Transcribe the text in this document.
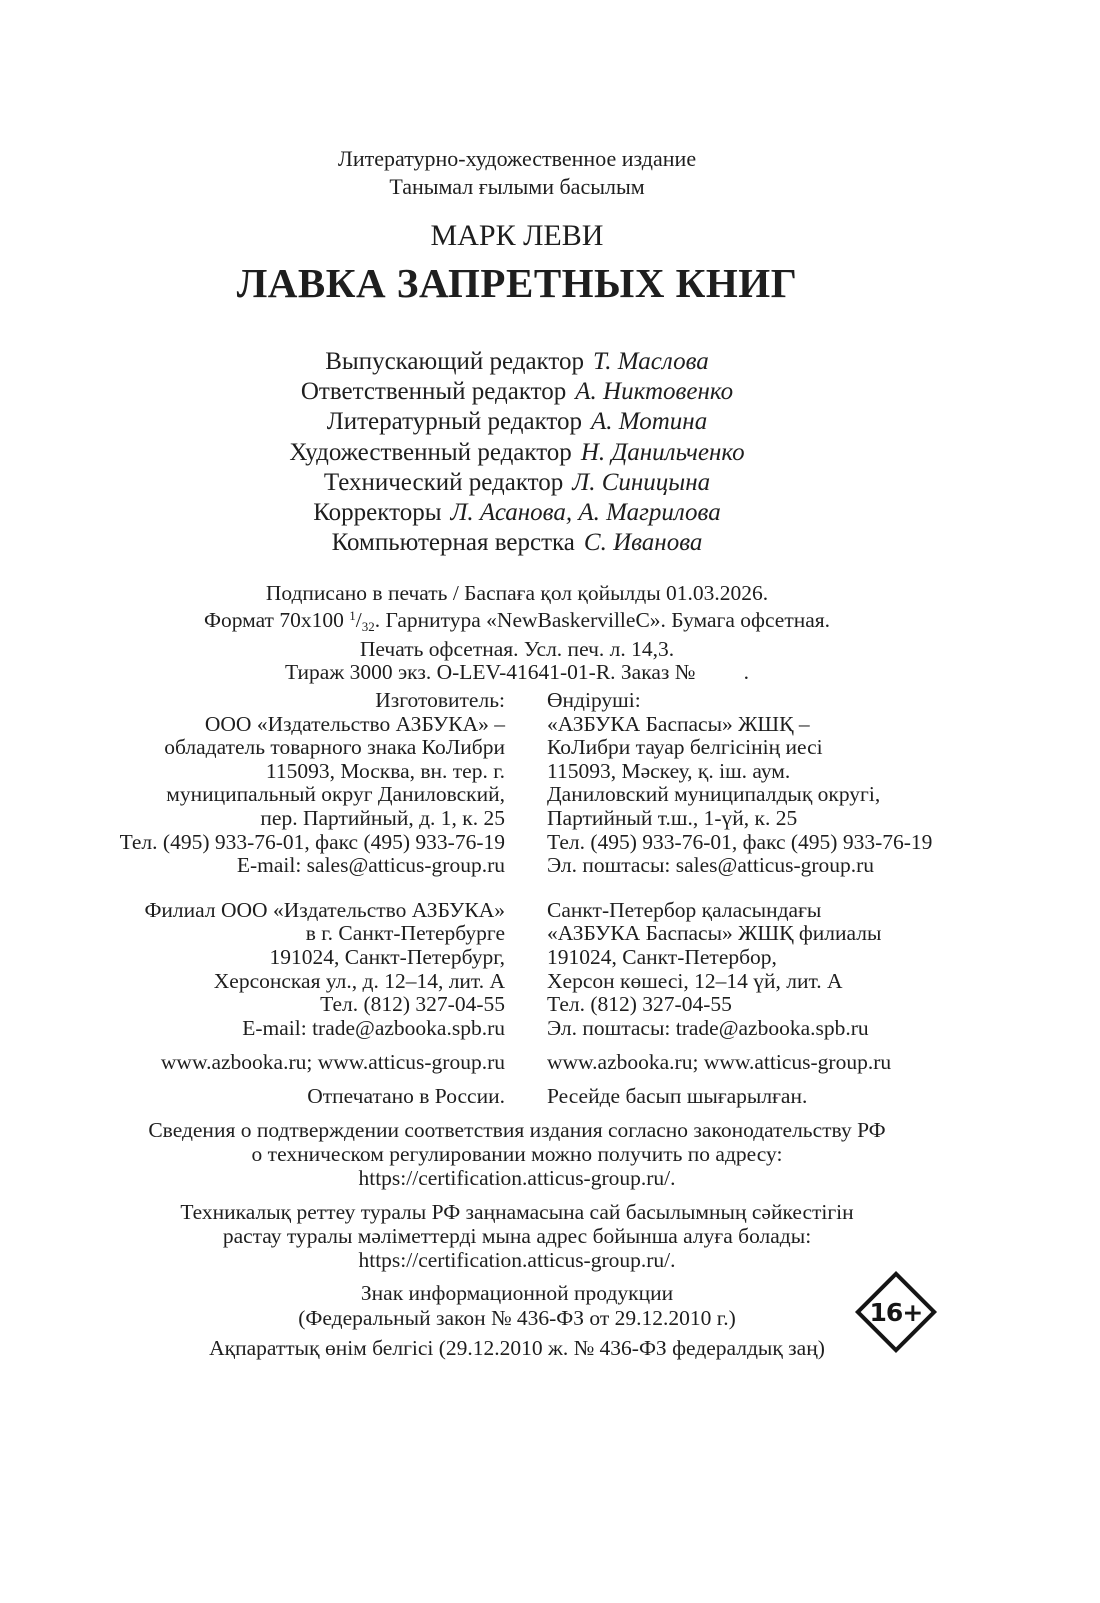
Литературно-художественное издание
Танымал ғылыми басылым
МАРК ЛЕВИ
ЛАВКА ЗАПРЕТНЫХ КНИГ
Выпускающий редактор Т. Маслова
Ответственный редактор А. Никтовенко
Литературный редактор А. Мотина
Художественный редактор Н. Данильченко
Технический редактор Л. Синицына
Корректоры Л. Асанова, А. Магрилова
Компьютерная верстка С. Иванова
Подписано в печать / Баспаға қол қойылды 01.03.2026.
Формат 70х100 $^1/_{32}$. Гарнитура «NewBaskervilleC». Бумага офсетная.
Печать офсетная. Усл. печ. л. 14,3.
Тираж 3000 экз. O-LEV-41641-01-R. Заказ №         .
Изготовитель:
ООО «Издательство АЗБУКА» –
обладатель товарного знака КоЛибри
115093, Москва, вн. тер. г.
муниципальный округ Даниловский,
пер. Партийный, д. 1, к. 25
Тел. (495) 933-76-01, факс (495) 933-76-19
E-mail: sales@atticus-group.ru
Филиал ООО «Издательство АЗБУКА»
в г. Санкт-Петербурге
191024, Санкт-Петербург,
Херсонская ул., д. 12–14, лит. А
Тел. (812) 327-04-55
E-mail: trade@azbooka.spb.ru
www.azbooka.ru; www.atticus-group.ru
Отпечатано в России.
Өндіруші:
«АЗБУКА Баспасы» ЖШҚ –
КоЛибри тауар белгісінің иесі
115093, Мәскеу, қ. іш. аум.
Даниловский муниципалдық округі,
Партийный т.ш., 1-үй, к. 25
Тел. (495) 933-76-01, факс (495) 933-76-19
Эл. поштасы: sales@atticus-group.ru
Санкт-Петербор қаласындағы
«АЗБУКА Баспасы» ЖШҚ филиалы
191024, Санкт-Петербор,
Херсон көшесі, 12–14 үй, лит. А
Тел. (812) 327-04-55
Эл. поштасы: trade@azbooka.spb.ru
www.azbooka.ru; www.atticus-group.ru
Ресейде басып шығарылған.
Сведения о подтверждении соответствия издания согласно законодательству РФ
о техническом регулировании можно получить по адресу:
https://certification.atticus-group.ru/.
Техникалық реттеу туралы РФ заңнамасына сай басылымның сәйкестігін
растау туралы мәліметтерді мына адрес бойынша алуға болады:
https://certification.atticus-group.ru/.
Знак информационной продукции
(Федеральный закон № 436-ФЗ от 29.12.2010 г.)
Ақпараттық өнім белгісі (29.12.2010 ж. № 436-ФЗ федералдық заң)
16+
